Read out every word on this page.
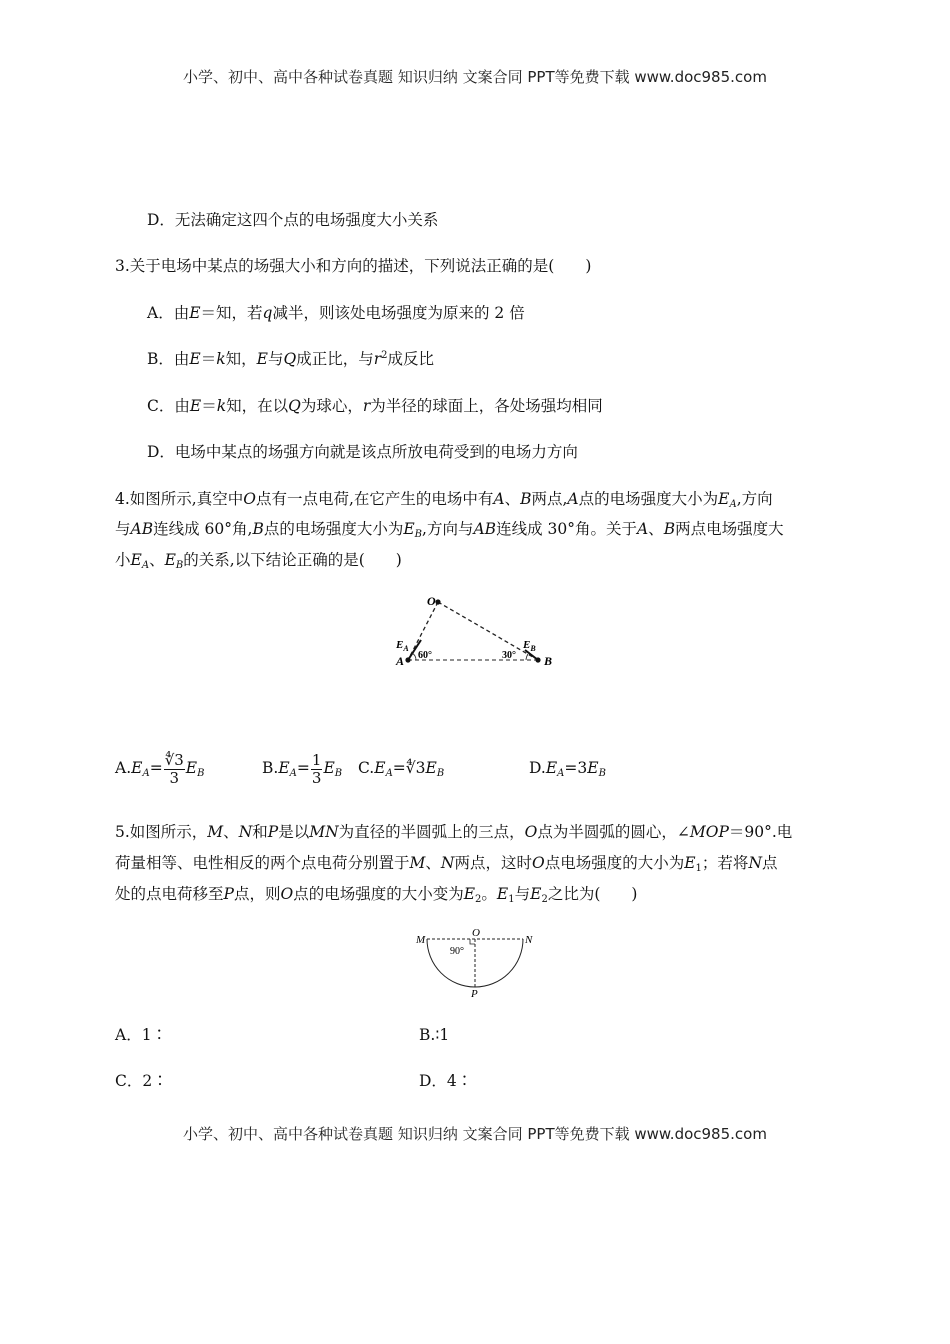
小学、初中、高中各种试卷真题 知识归纳 文案合同 PPT等免费下载 www.doc985.com
D．无法确定这四个点的电场强度大小关系
3.关于电场中某点的场强大小和方向的描述，下列说法正确的是(　　)
A．由E＝知，若q减半，则该处电场强度为原来的 2 倍
B．由E＝k知，E与Q成正比，与$r^2$成反比
C．由E＝k知，在以Q为球心，r为半径的球面上，各处场强均相同
D．电场中某点的场强方向就是该点所放电荷受到的电场力方向
4.如图所示,真空中O点有一点电荷,在它产生的电场中有A、B两点,A点的电场强度大小为$E_A$,方向
与AB连线成 60°角,B点的电场强度大小为$E_B$,方向与AB连线成 30°角。关于A、B两点电场强度大
小$E_A$、$E_B$的关系,以下结论正确的是(　　)
O
$E_A$	$E_B$
A	B
60°	30°
$A.E_A= \frac{∜3}{3} E_B$	$B.E_A= \frac{1}{3} E_B$ $C.E_A=∜3E_B$	$D.E_A=3E_B$
5.如图所示，M、N和P是以MN为直径的半圆弧上的三点，O点为半圆弧的圆心，∠MOP＝90°.电
荷量相等、电性相反的两个点电荷分别置于M、N两点，这时O点电场强度的大小为$E_1$；若将N点
处的点电荷移至P点，则O点的电场强度的大小变为$E_2$。$E_1$与$E_2$之比为(　　)
M
O
N
P
90°
A．1∶	B.∶1
C．2∶	D．4∶
小学、初中、高中各种试卷真题 知识归纳 文案合同 PPT等免费下载 www.doc985.com
